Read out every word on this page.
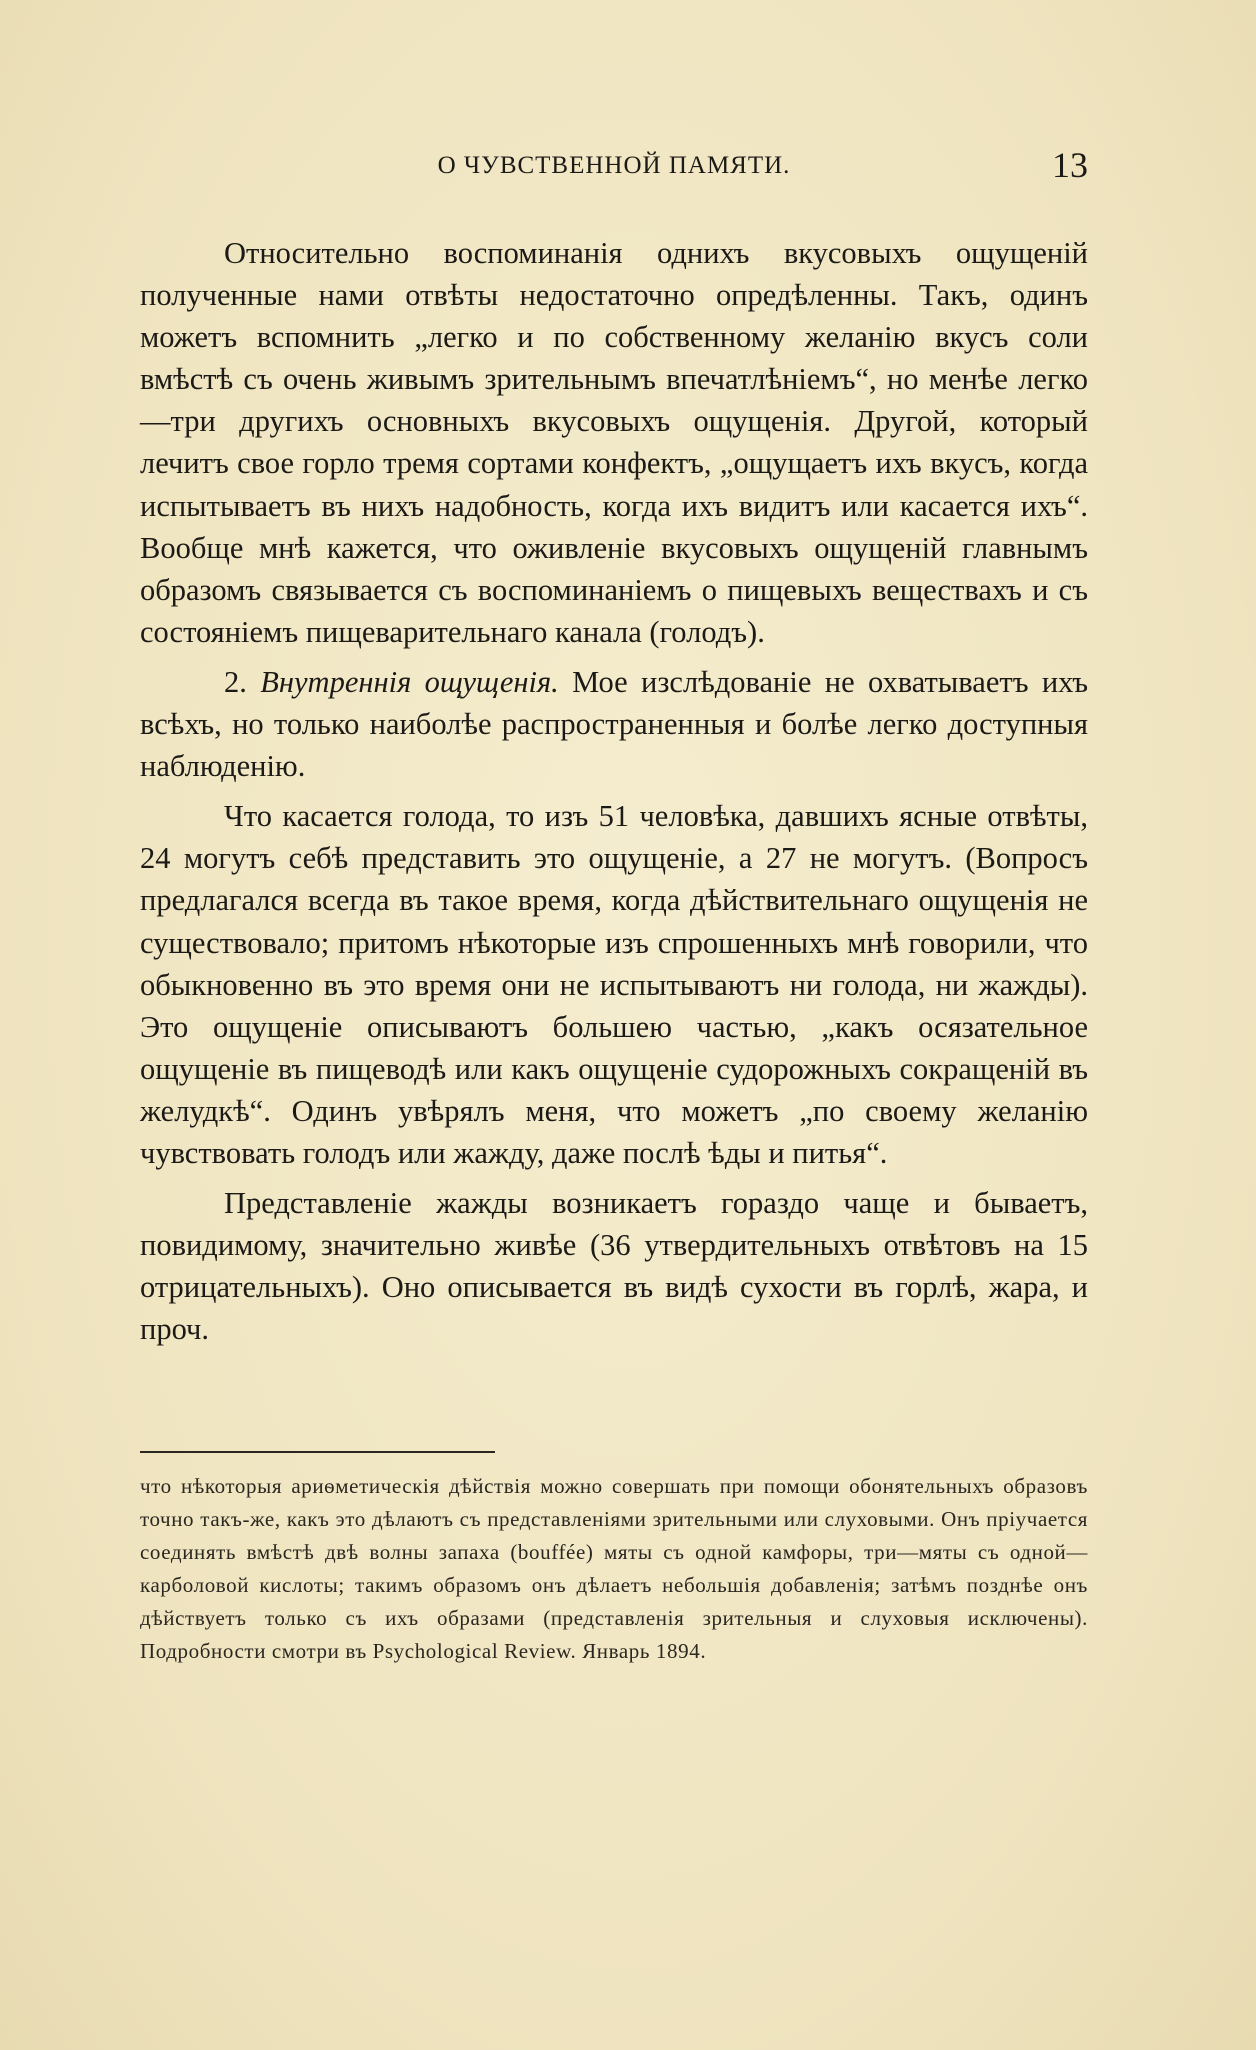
О ЧУВСТВЕННОЙ ПАМЯТИ.	13

Относительно воспоминанія однихъ вкусовыхъ ощущеній полученные нами отвѣты недостаточно опредѣленны. Такъ, одинъ можетъ вспомнить „легко и по собственному желанію вкусъ соли вмѣстѣ съ очень живымъ зрительнымъ впечатлѣніемъ“, но менѣе легко—три другихъ основныхъ вкусовыхъ ощущенія. Другой, который лечитъ свое горло тремя сортами конфектъ, „ощущаетъ ихъ вкусъ, когда испытываетъ въ нихъ надобность, когда ихъ видитъ или касается ихъ“. Вообще мнѣ кажется, что оживленіе вкусовыхъ ощущеній главнымъ образомъ связывается съ воспоминаніемъ о пищевыхъ веществахъ и съ состояніемъ пищеварительнаго канала (голодъ).

2. Внутреннія ощущенія. Мое изслѣдованіе не охватываетъ ихъ всѣхъ, но только наиболѣе распространенныя и болѣе легко доступныя наблюденію.

Что касается голода, то изъ 51 человѣка, давшихъ ясные отвѣты, 24 могутъ себѣ представить это ощущеніе, а 27 не могутъ. (Вопросъ предлагался всегда въ такое время, когда дѣйствительнаго ощущенія не существовало; притомъ нѣкоторые изъ спрошенныхъ мнѣ говорили, что обыкновенно въ это время они не испытываютъ ни голода, ни жажды). Это ощущеніе описываютъ большею частью, „какъ осязательное ощущеніе въ пищеводѣ или какъ ощущеніе судорожныхъ сокращеній въ желудкѣ“. Одинъ увѣрялъ меня, что можетъ „по своему желанію чувствовать голодъ или жажду, даже послѣ ѣды и питья“.

Представленіе жажды возникаетъ гораздо чаще и бываетъ, повидимому, значительно живѣе (36 утвердительныхъ отвѣтовъ на 15 отрицательныхъ). Оно описывается въ видѣ сухости въ горлѣ, жара, и проч.

что нѣкоторыя ариѳметическія дѣйствія можно совершать при помощи обонятельныхъ образовъ точно такъ-же, какъ это дѣлаютъ съ представленіями зрительными или слуховыми. Онъ пріучается соединять вмѣстѣ двѣ волны запаха (bouffée) мяты съ одной камфоры, три—мяты съ одной—карболовой кислоты; такимъ образомъ онъ дѣлаетъ небольшія добавленія; затѣмъ позднѣе онъ дѣйствуетъ только съ ихъ образами (представленія зрительныя и слуховыя исключены). Подробности смотри въ Psychological Review. Январь 1894.
